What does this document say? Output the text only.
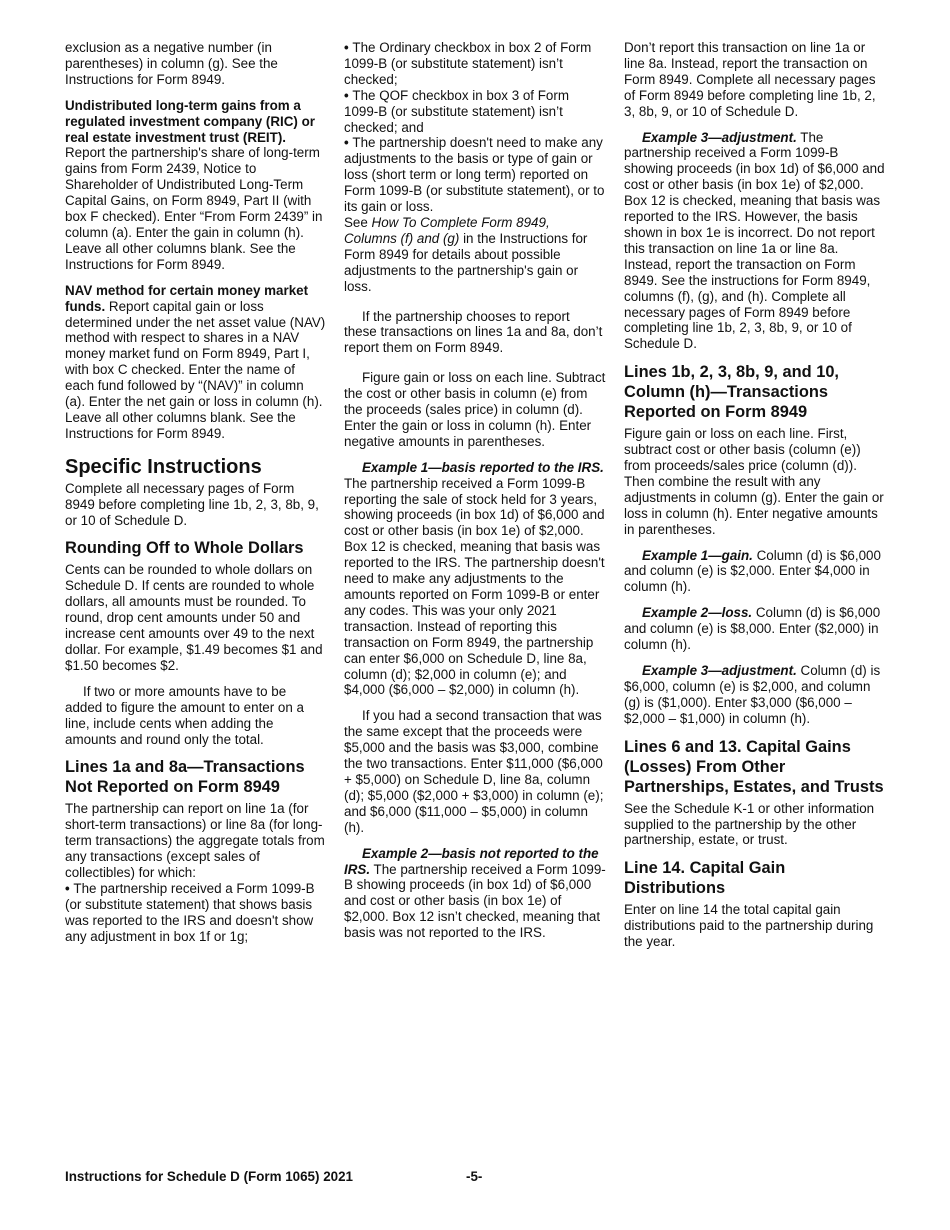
exclusion as a negative number (in parentheses) in column (g). See the Instructions for Form 8949.

Undistributed long-term gains from a regulated investment company (RIC) or real estate investment trust (REIT). Report the partnership's share of long-term gains from Form 2439, Notice to Shareholder of Undistributed Long-Term Capital Gains, on Form 8949, Part II (with box F checked). Enter “From Form 2439” in column (a). Enter the gain in column (h). Leave all other columns blank. See the Instructions for Form 8949.

NAV method for certain money market funds. Report capital gain or loss determined under the net asset value (NAV) method with respect to shares in a NAV money market fund on Form 8949, Part I, with box C checked. Enter the name of each fund followed by “(NAV)” in column (a). Enter the net gain or loss in column (h). Leave all other columns blank. See the Instructions for Form 8949.

Specific Instructions

Complete all necessary pages of Form 8949 before completing line 1b, 2, 3, 8b, 9, or 10 of Schedule D.

Rounding Off to Whole Dollars

Cents can be rounded to whole dollars on Schedule D. If cents are rounded to whole dollars, all amounts must be rounded. To round, drop cent amounts under 50 and increase cent amounts over 49 to the next dollar. For example, $1.49 becomes $1 and $1.50 becomes $2.

If two or more amounts have to be added to figure the amount to enter on a line, include cents when adding the amounts and round only the total.

Lines 1a and 8a—Transactions Not Reported on Form 8949

The partnership can report on line 1a (for short-term transactions) or line 8a (for long-term transactions) the aggregate totals from any transactions (except sales of collectibles) for which:

• The partnership received a Form 1099-B (or substitute statement) that shows basis was reported to the IRS and doesn't show any adjustment in box 1f or 1g;
• The Ordinary checkbox in box 2 of Form 1099-B (or substitute statement) isn’t checked;
• The QOF checkbox in box 3 of Form 1099-B (or substitute statement) isn’t checked; and
• The partnership doesn't need to make any adjustments to the basis or type of gain or loss (short term or long term) reported on Form 1099-B (or substitute statement), or to its gain or loss.

See How To Complete Form 8949, Columns (f) and (g) in the Instructions for Form 8949 for details about possible adjustments to the partnership's gain or loss.

If the partnership chooses to report these transactions on lines 1a and 8a, don’t report them on Form 8949.

Figure gain or loss on each line. Subtract the cost or other basis in column (e) from the proceeds (sales price) in column (d). Enter the gain or loss in column (h). Enter negative amounts in parentheses.

Example 1—basis reported to the IRS. The partnership received a Form 1099-B reporting the sale of stock held for 3 years, showing proceeds (in box 1d) of $6,000 and cost or other basis (in box 1e) of $2,000. Box 12 is checked, meaning that basis was reported to the IRS. The partnership doesn't need to make any adjustments to the amounts reported on Form 1099-B or enter any codes. This was your only 2021 transaction. Instead of reporting this transaction on Form 8949, the partnership can enter $6,000 on Schedule D, line 8a, column (d); $2,000 in column (e); and $4,000 ($6,000 – $2,000) in column (h).

If you had a second transaction that was the same except that the proceeds were $5,000 and the basis was $3,000, combine the two transactions. Enter $11,000 ($6,000 + $5,000) on Schedule D, line 8a, column (d); $5,000 ($2,000 + $3,000) in column (e); and $6,000 ($11,000 – $5,000) in column (h).

Example 2—basis not reported to the IRS. The partnership received a Form 1099-B showing proceeds (in box 1d) of $6,000 and cost or other basis (in box 1e) of $2,000. Box 12 isn’t checked, meaning that basis was not reported to the IRS.

Don’t report this transaction on line 1a or line 8a. Instead, report the transaction on Form 8949. Complete all necessary pages of Form 8949 before completing line 1b, 2, 3, 8b, 9, or 10 of Schedule D.

Example 3—adjustment. The partnership received a Form 1099-B showing proceeds (in box 1d) of $6,000 and cost or other basis (in box 1e) of $2,000. Box 12 is checked, meaning that basis was reported to the IRS. However, the basis shown in box 1e is incorrect. Do not report this transaction on line 1a or line 8a. Instead, report the transaction on Form 8949. See the instructions for Form 8949, columns (f), (g), and (h). Complete all necessary pages of Form 8949 before completing line 1b, 2, 3, 8b, 9, or 10 of Schedule D.

Lines 1b, 2, 3, 8b, 9, and 10, Column (h)—Transactions Reported on Form 8949

Figure gain or loss on each line. First, subtract cost or other basis (column (e)) from proceeds/sales price (column (d)). Then combine the result with any adjustments in column (g). Enter the gain or loss in column (h). Enter negative amounts in parentheses.

Example 1—gain. Column (d) is $6,000 and column (e) is $2,000. Enter $4,000 in column (h).

Example 2—loss. Column (d) is $6,000 and column (e) is $8,000. Enter ($2,000) in column (h).

Example 3—adjustment. Column (d) is $6,000, column (e) is $2,000, and column (g) is ($1,000). Enter $3,000 ($6,000 – $2,000 – $1,000) in column (h).

Lines 6 and 13. Capital Gains (Losses) From Other Partnerships, Estates, and Trusts

See the Schedule K-1 or other information supplied to the partnership by the other partnership, estate, or trust.

Line 14. Capital Gain Distributions

Enter on line 14 the total capital gain distributions paid to the partnership during the year.

Instructions for Schedule D (Form 1065) 2021	-5-
